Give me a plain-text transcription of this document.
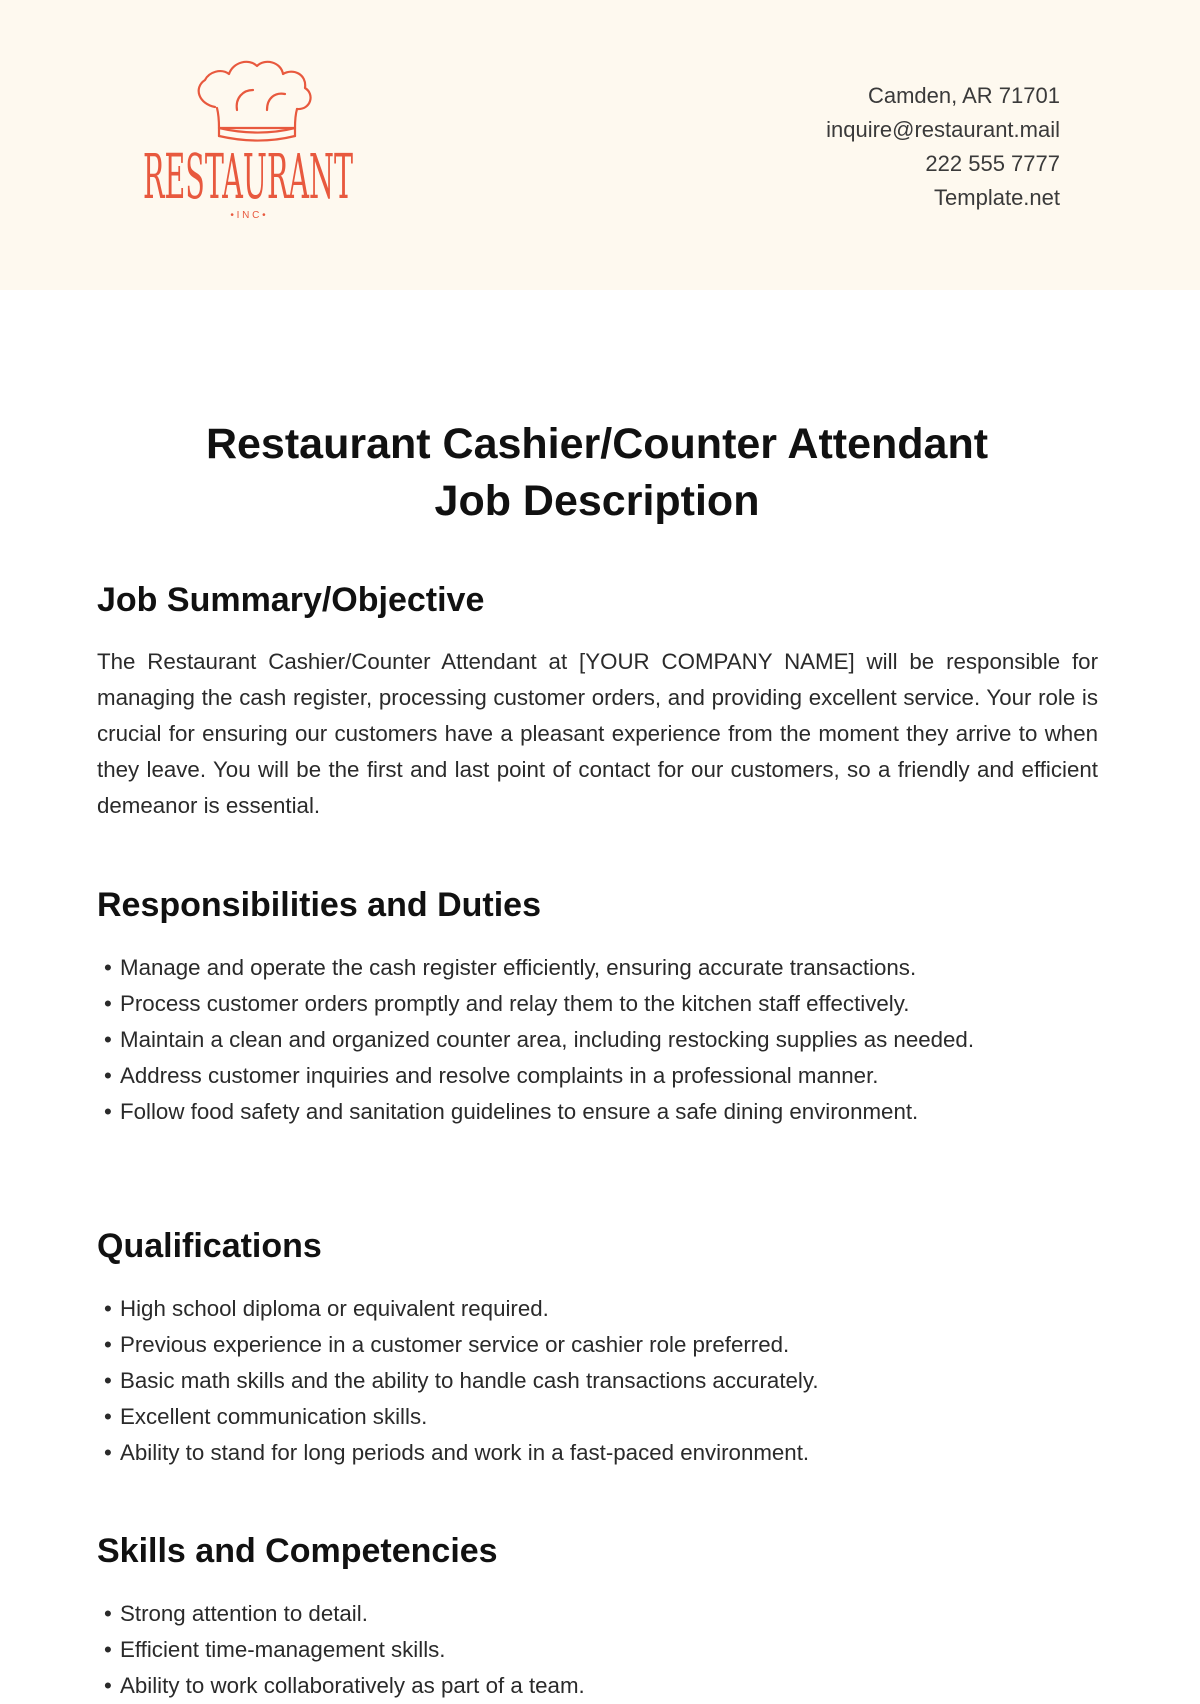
RESTAURANT
• I N C •
Camden, AR 71701
inquire@restaurant.mail
222 555 7777
Template.net
Restaurant Cashier/Counter Attendant
Job Description
Job Summary/Objective

The Restaurant Cashier/Counter Attendant at [YOUR COMPANY NAME] will be responsible for managing the cash register, processing customer orders, and providing excellent service. Your role is crucial for ensuring our customers have a pleasant experience from the moment they arrive to when they leave. You will be the first and last point of contact for our customers, so a friendly and efficient demeanor is essential.

Responsibilities and Duties
• Manage and operate the cash register efficiently, ensuring accurate transactions.
• Process customer orders promptly and relay them to the kitchen staff effectively.
• Maintain a clean and organized counter area, including restocking supplies as needed.
• Address customer inquiries and resolve complaints in a professional manner.
• Follow food safety and sanitation guidelines to ensure a safe dining environment.
Qualifications
• High school diploma or equivalent required.
• Previous experience in a customer service or cashier role preferred.
• Basic math skills and the ability to handle cash transactions accurately.
• Excellent communication skills.
• Ability to stand for long periods and work in a fast-paced environment.
Skills and Competencies
• Strong attention to detail.
• Efficient time-management skills.
• Ability to work collaboratively as part of a team.
